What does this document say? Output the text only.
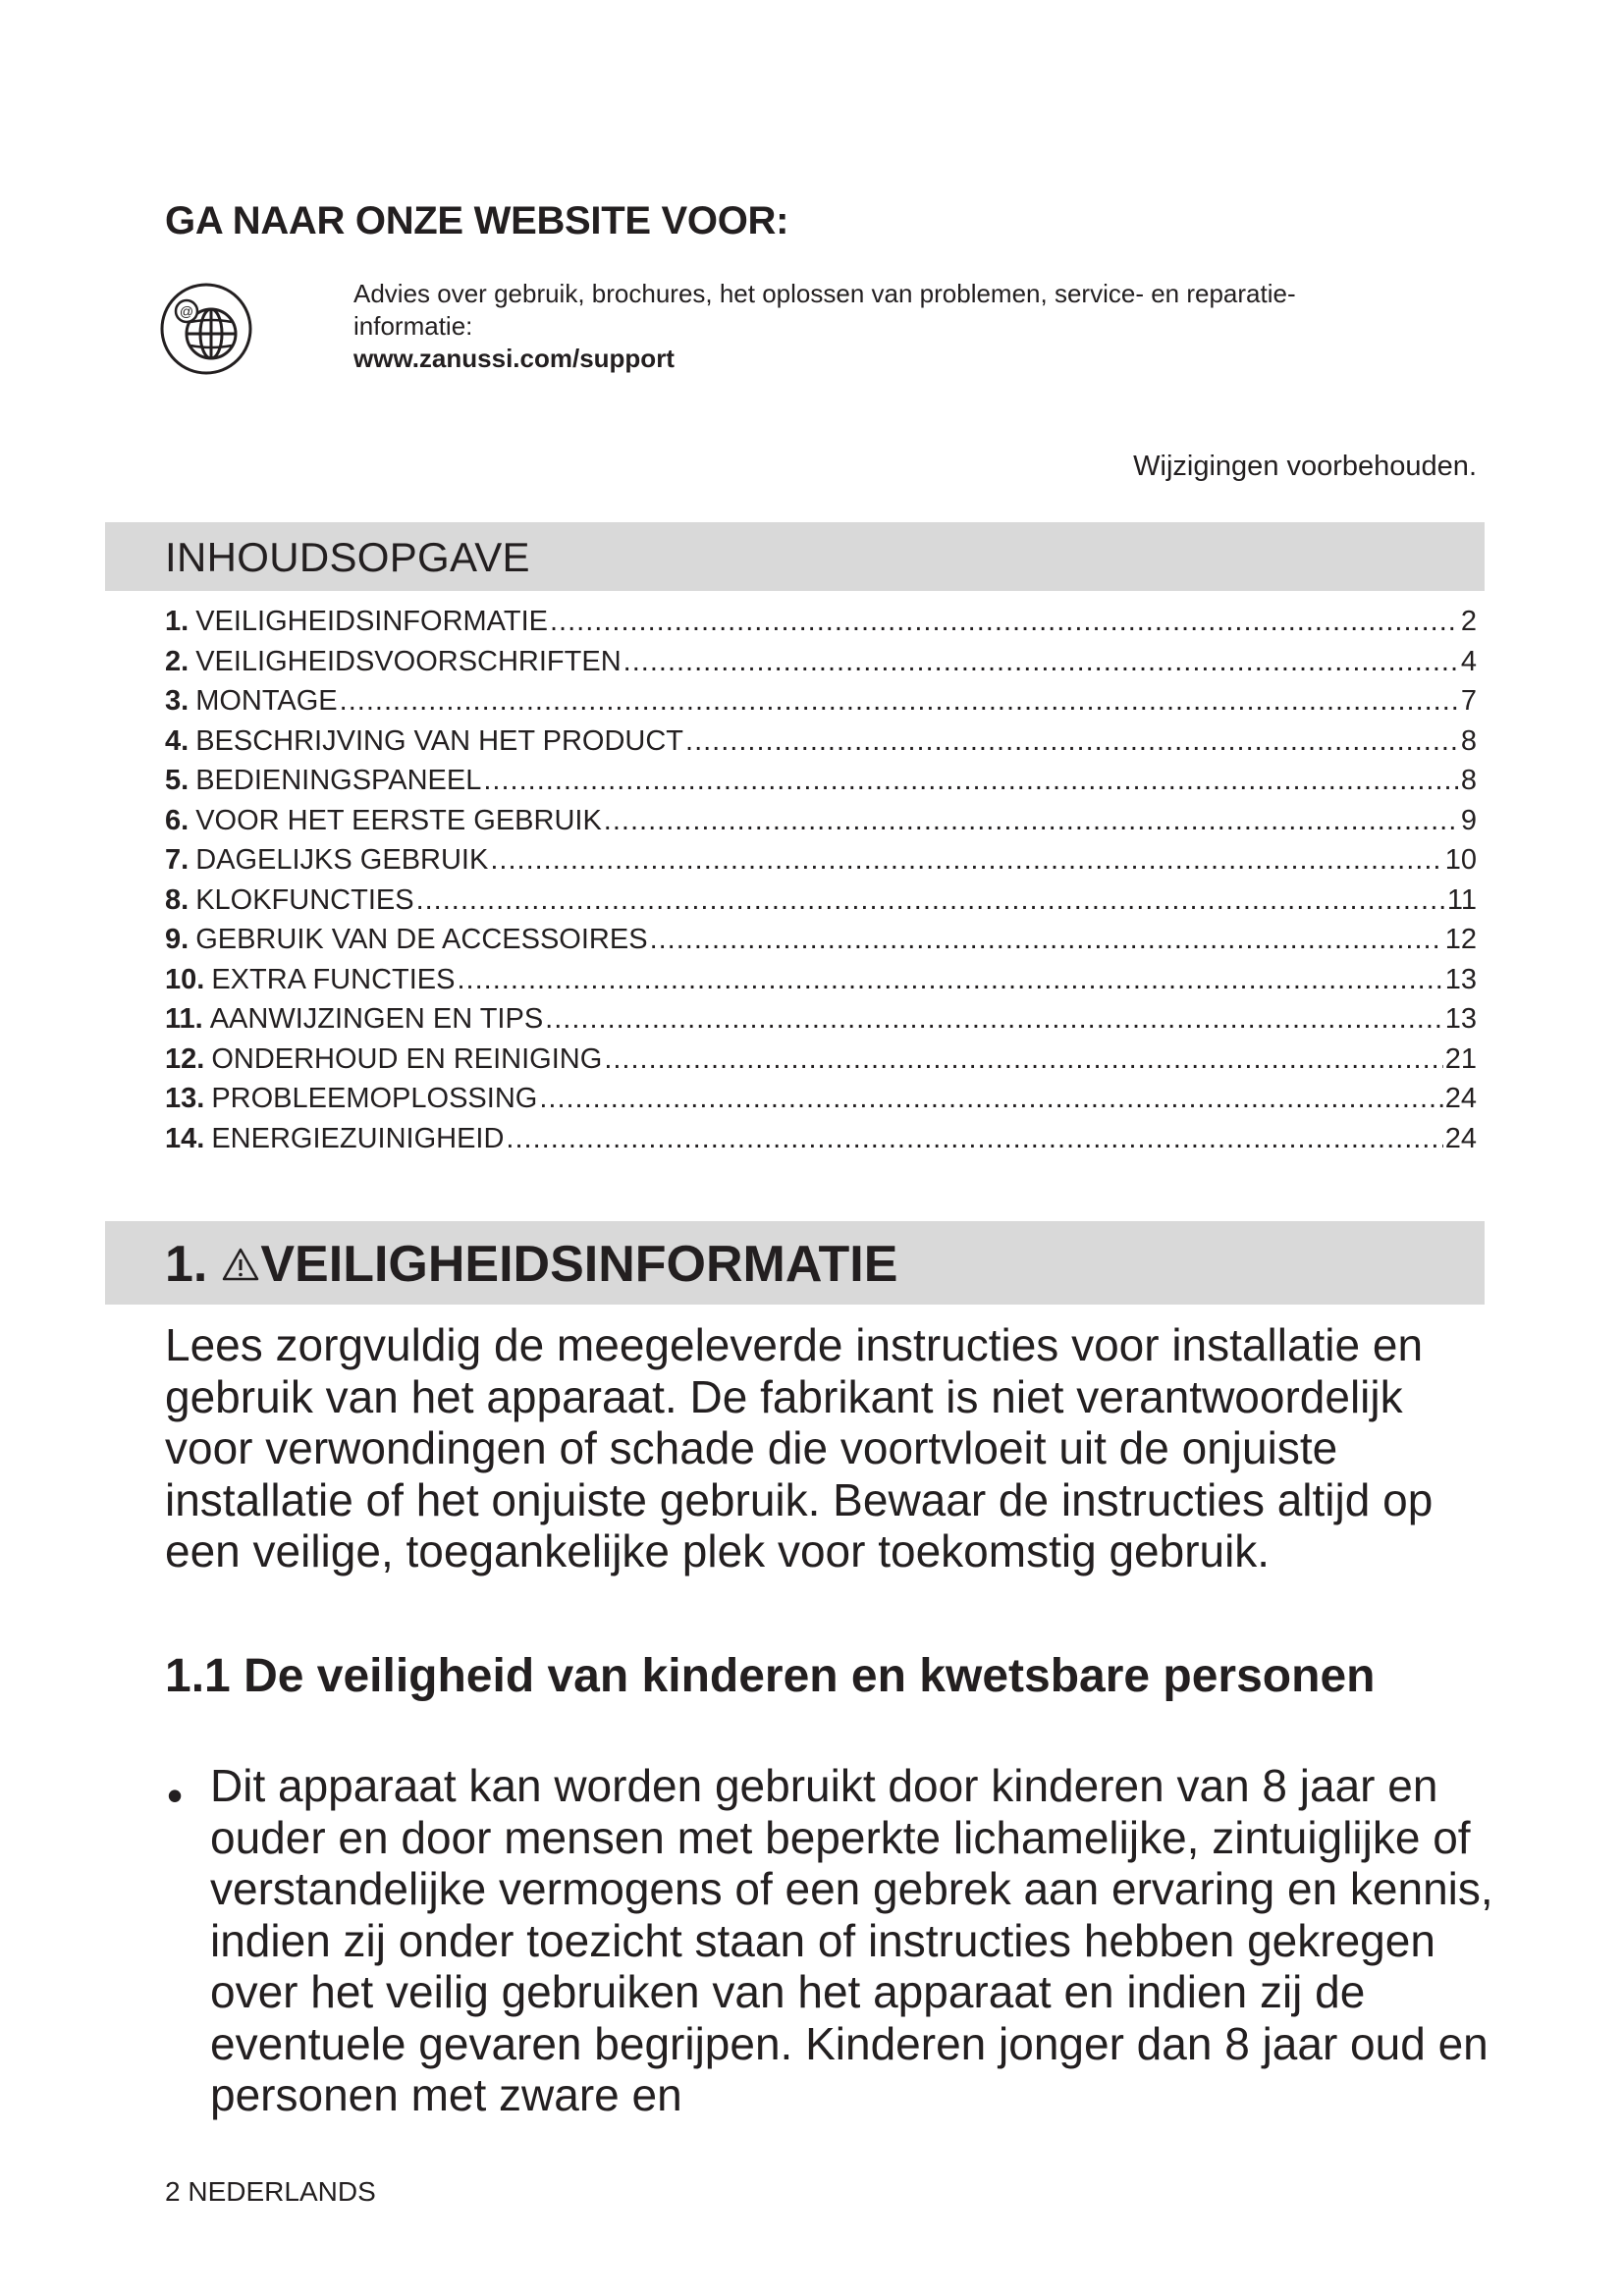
GA NAAR ONZE WEBSITE VOOR:
@
Advies over gebruik, brochures, het oplossen van problemen, service- en reparatie-
informatie:
www.zanussi.com/support
Wijzigingen voorbehouden.
INHOUDSOPGAVE
1. VEILIGHEIDSINFORMATIE .....	2
2. VEILIGHEIDSVOORSCHRIFTEN .....	4
3. MONTAGE .....	7
4. BESCHRIJVING VAN HET PRODUCT .....	8
5. BEDIENINGSPANEEL .....	8
6. VOOR HET EERSTE GEBRUIK .....	9
7. DAGELIJKS GEBRUIK .....	10
8. KLOKFUNCTIES .....	11
9. GEBRUIK VAN DE ACCESSOIRES .....	12
10. EXTRA FUNCTIES .....	13
11. AANWIJZINGEN EN TIPS .....	13
12. ONDERHOUD EN REINIGING .....	21
13. PROBLEEMOPLOSSING .....	24
14. ENERGIEZUINIGHEID .....	24
1. VEILIGHEIDSINFORMATIE

Lees zorgvuldig de meegeleverde instructies voor installatie en gebruik van het apparaat. De fabrikant is niet verantwoordelijk voor verwondingen of schade die voortvloeit uit de onjuiste installatie of het onjuiste gebruik. Bewaar de instructies altijd op een veilige, toegankelijke plek voor toekomstig gebruik.

1.1 De veiligheid van kinderen en kwetsbare personen
• Dit apparaat kan worden gebruikt door kinderen van 8 jaar en ouder en door mensen met beperkte lichamelijke, zintuiglijke of verstandelijke vermogens of een gebrek aan ervaring en kennis, indien zij onder toezicht staan of instructies hebben gekregen over het veilig gebruiken van het apparaat en indien zij de eventuele gevaren begrijpen. Kinderen jonger dan 8 jaar oud en personen met zware en

2 NEDERLANDS
